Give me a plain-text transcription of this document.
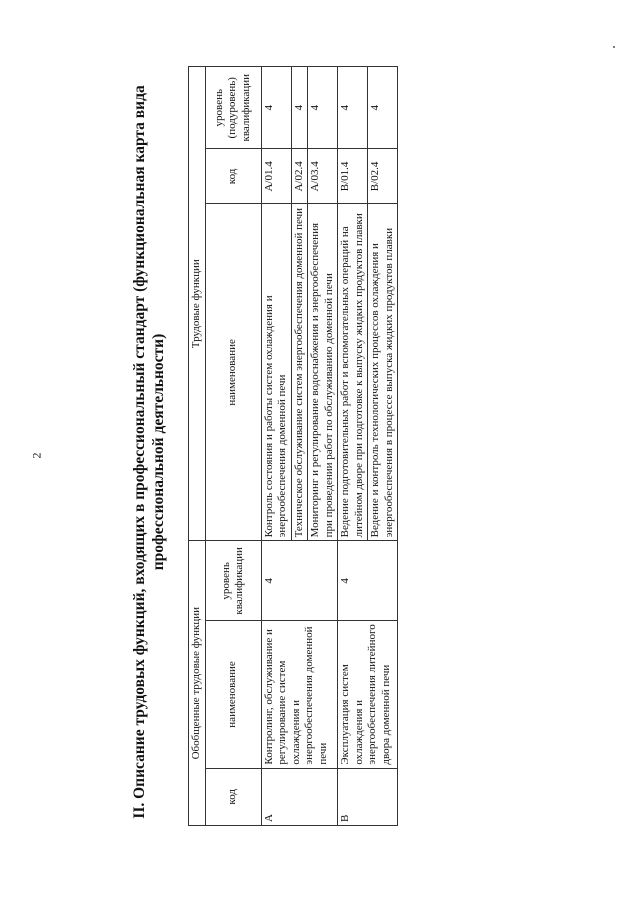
2	II. Описание трудовых функций, входящих в профессиональный стандарт (функциональная карта вида профессиональной деятельности)
Обобщенные трудовые функции			Трудовые функции		
код	наименование	уровень квалификации	наименование	код	уровень (подуровень) квалификации
А	Контролинг, обслуживание и регулирование систем охлаждения и энергообеспечения доменной печи	4	Контроль состояния и работы систем охлаждения и энергообеспечения доменной печи	А/01.4	4
			Техническое обслуживание систем энергообеспечения доменной печи	А/02.4	4
			Мониторинг и регулирование водоснабжения и энергообеспечения при проведении работ по обслуживанию доменной печи	А/03.4	4
В	Эксплуатация систем охлаждения и энергообеспечения литейного двора доменной печи	4	Ведение подготовительных работ и вспомогательных операций на литейном дворе при подготовке к выпуску жидких продуктов плавки	В/01.4	4
			Ведение и контроль технологических процессов охлаждения и энергообеспечения в процессе выпуска жидких продуктов плавки	В/02.4	4
